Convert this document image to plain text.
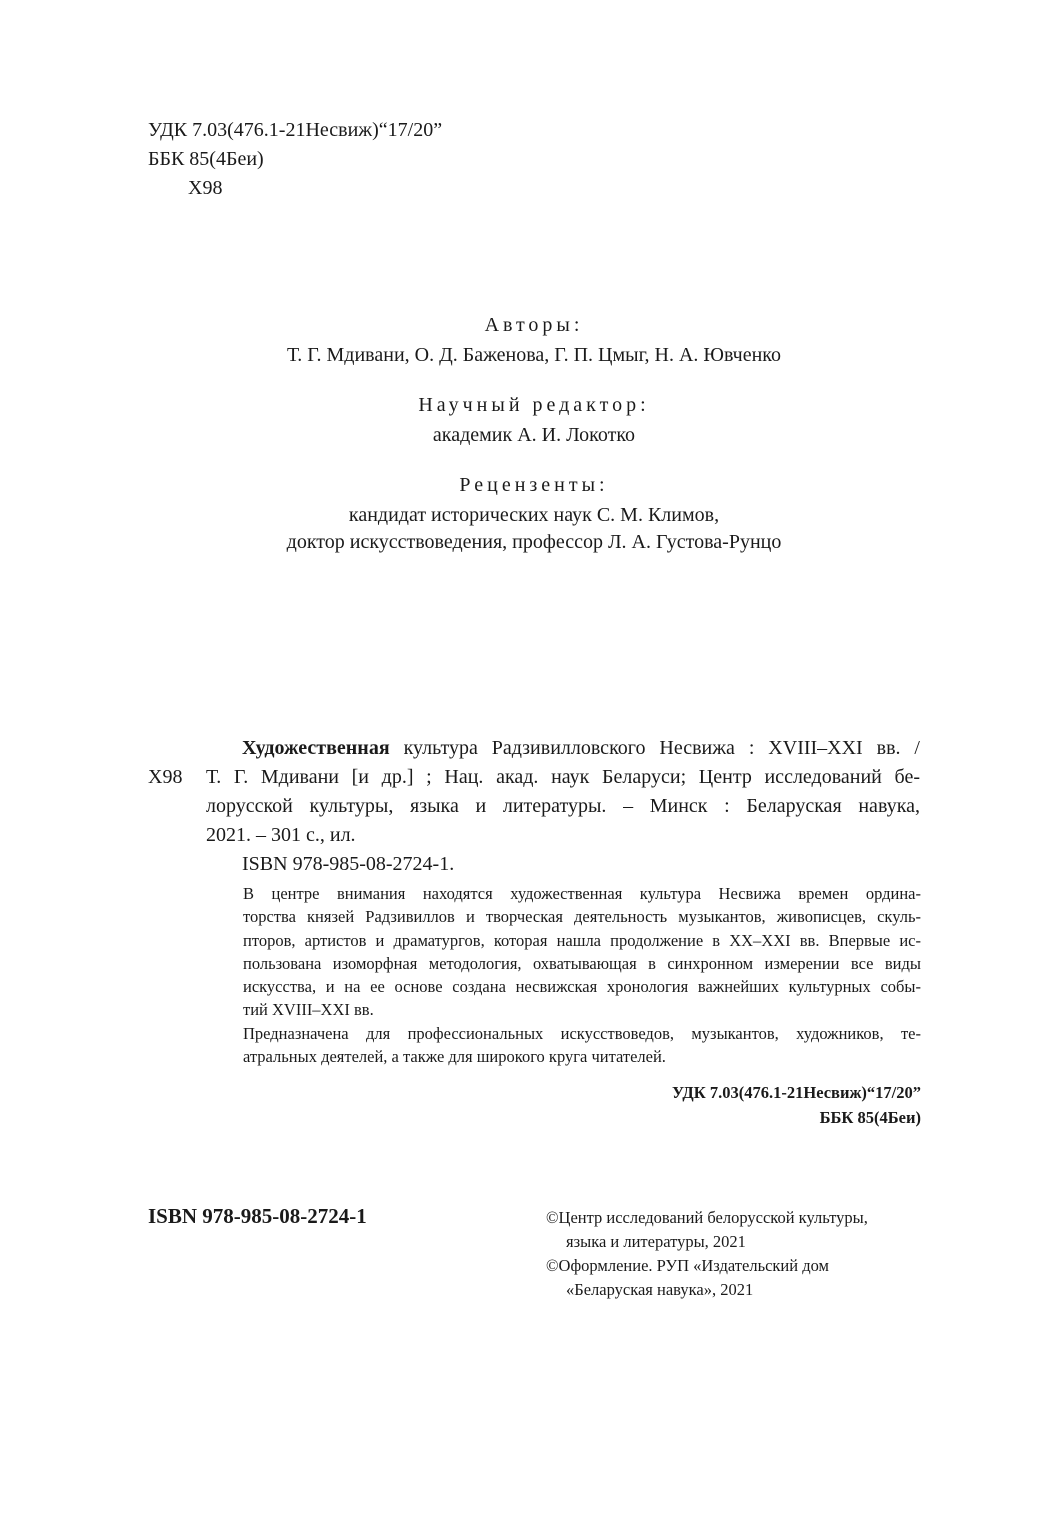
УДК 7.03(476.1-21Несвиж)“17/20”
ББК 85(4Беи)
Х98
Авторы:
Т. Г. Мдивани, О. Д. Баженова, Г. П. Цмыг, Н. А. Ювченко
Научный редактор:
академик А. И. Локотко
Рецензенты:
кандидат исторических наук С. М. Климов,
доктор искусствоведения, профессор Л. А. Густова-Рунцо
Художественная культура Радзивилловского Несвижа : XVIII–XXI вв. /
Х98	Т. Г. Мдивани [и др.] ; Нац. акад. наук Беларуси; Центр исследований бе-
лорусской культуры, языка и литературы. – Минск : Беларуская навука,
2021. – 301 с., ил.
ISBN 978-985-08-2724-1.

В центре внимания находятся художественная культура Несвижа времен ордина-

торства князей Радзивиллов и творческая деятельность музыкантов, живописцев, скуль-

пторов, артистов и драматургов, которая нашла продолжение в XX–XXI вв. Впервые ис-

пользована изоморфная методология, охватывающая в синхронном измерении все виды

искусства, и на ее основе создана несвижская хронология важнейших культурных собы-

тий XVIII–XXI вв.

Предназначена для профессиональных искусствоведов, музыкантов, художников, те-

атральных деятелей, а также для широкого круга читателей.

УДК 7.03(476.1-21Несвиж)“17/20”
ББК 85(4Беи)
ISBN 978-985-08-2724-1	©Центр исследований белорусской культуры,
языка и литературы, 2021
©Оформление. РУП «Издательский дом
«Беларуская навука», 2021
